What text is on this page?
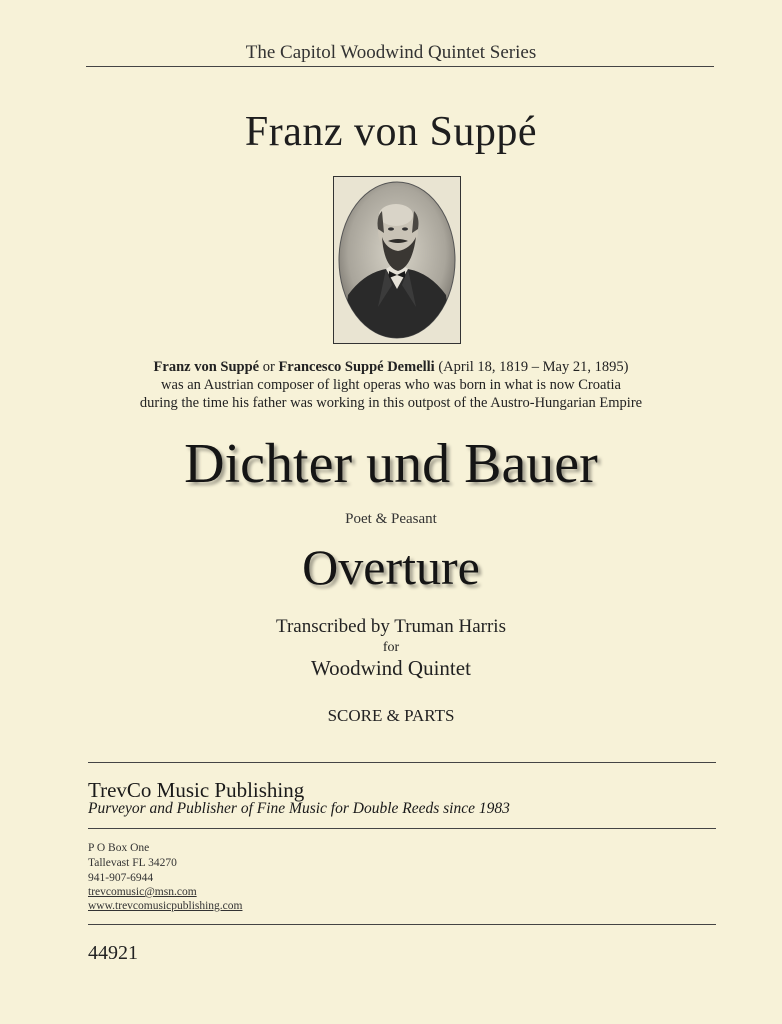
The Capitol Woodwind Quintet Series
Franz von Suppé
Franz von Suppé or Francesco Suppé Demelli (April 18, 1819 – May 21, 1895)
was an Austrian composer of light operas who was born in what is now Croatia
during the time his father was working in this outpost of the Austro-Hungarian Empire
Dichter und Bauer
Poet & Peasant
Overture
Transcribed by Truman Harris
for
Woodwind Quintet
SCORE & PARTS
TrevCo Music Publishing
Purveyor and Publisher of Fine Music for Double Reeds since 1983
P O Box One
Tallevast FL 34270
941-907-6944
trevcomusic@msn.com
www.trevcomusicpublishing.com
44921
